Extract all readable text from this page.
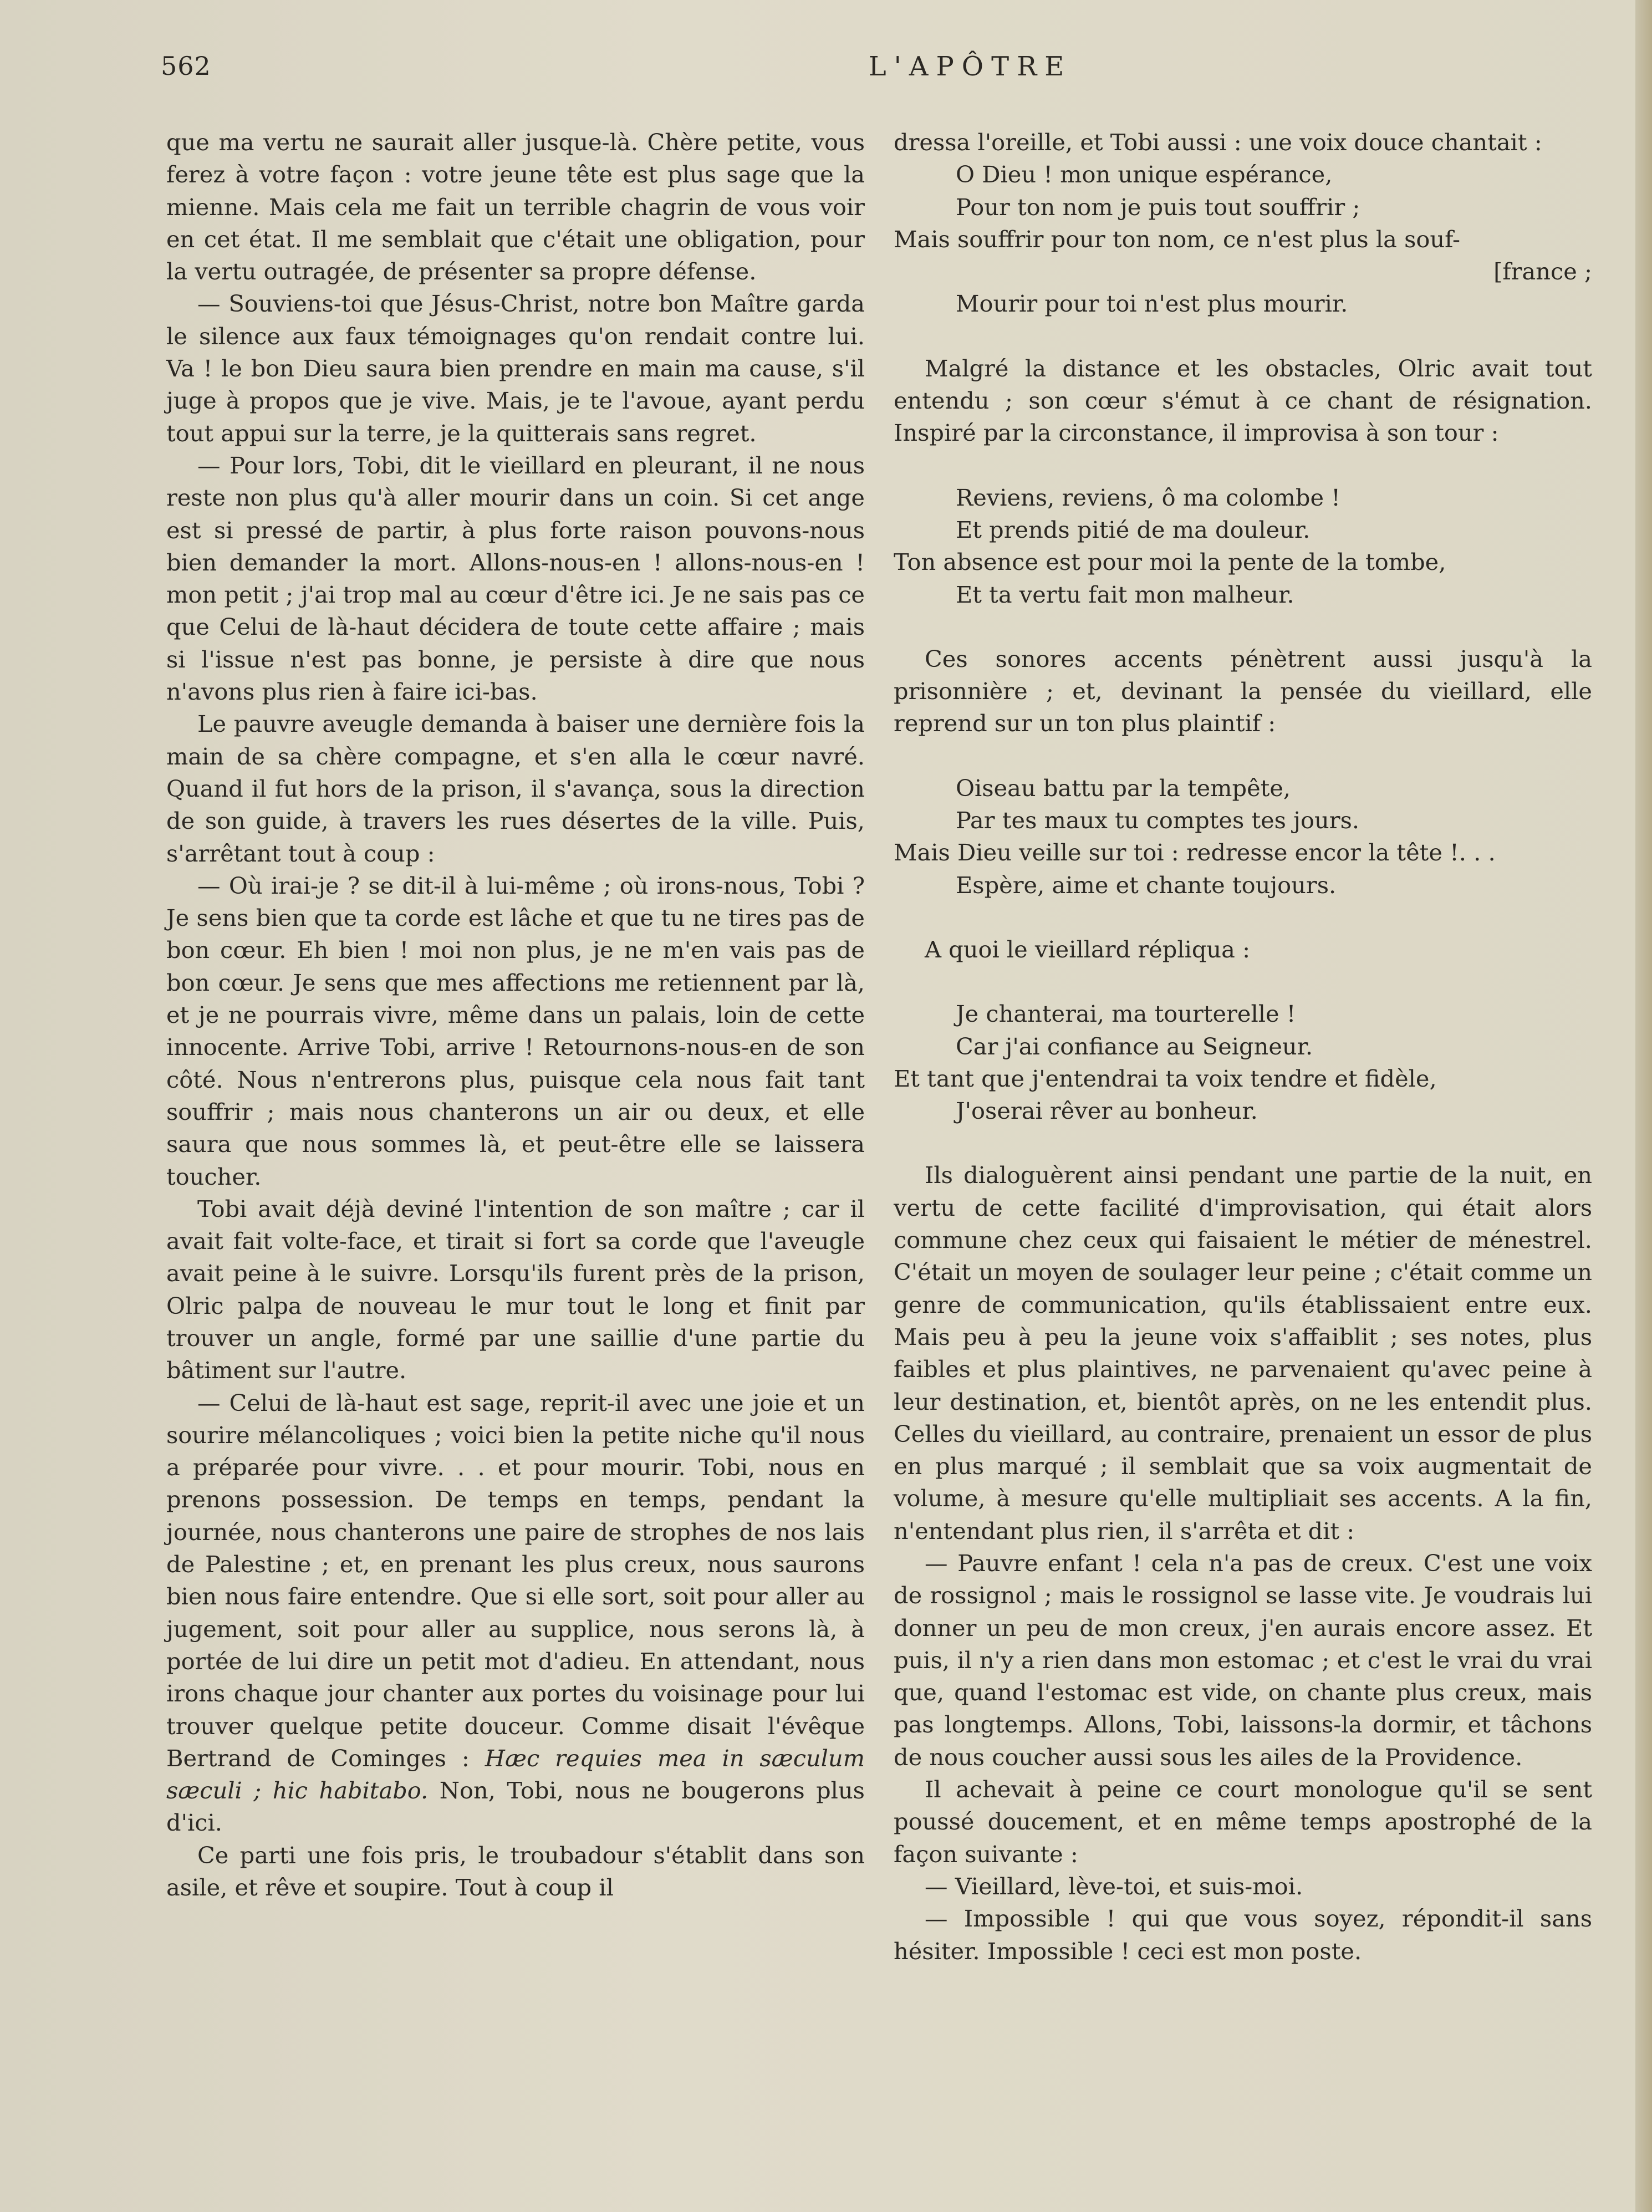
562	L'APÔTRE

que ma vertu ne saurait aller jusque-là. Chère petite, vous ferez à votre façon : votre jeune tête est plus sage que la mienne. Mais cela me fait un terrible chagrin de vous voir en cet état. Il me semblait que c'était une obligation, pour la vertu outragée, de présenter sa propre défense.

— Souviens-toi que Jésus-Christ, notre bon Maître garda le silence aux faux témoignages qu'on rendait contre lui. Va ! le bon Dieu saura bien prendre en main ma cause, s'il juge à propos que je vive. Mais, je te l'avoue, ayant perdu tout appui sur la terre, je la quitterais sans regret.

— Pour lors, Tobi, dit le vieillard en pleurant, il ne nous reste non plus qu'à aller mourir dans un coin. Si cet ange est si pressé de partir, à plus forte raison pouvons-nous bien demander la mort. Allons-nous-en ! allons-nous-en ! mon petit ; j'ai trop mal au cœur d'être ici. Je ne sais pas ce que Celui de là-haut décidera de toute cette affaire ; mais si l'issue n'est pas bonne, je persiste à dire que nous n'avons plus rien à faire ici-bas.

Le pauvre aveugle demanda à baiser une dernière fois la main de sa chère compagne, et s'en alla le cœur navré. Quand il fut hors de la prison, il s'avança, sous la direction de son guide, à travers les rues désertes de la ville. Puis, s'arrêtant tout à coup :

— Où irai-je ? se dit-il à lui-même ; où irons-nous, Tobi ? Je sens bien que ta corde est lâche et que tu ne tires pas de bon cœur. Eh bien ! moi non plus, je ne m'en vais pas de bon cœur. Je sens que mes affections me retiennent par là, et je ne pourrais vivre, même dans un palais, loin de cette innocente. Arrive Tobi, arrive ! Retournons-nous-en de son côté. Nous n'entrerons plus, puisque cela nous fait tant souffrir ; mais nous chanterons un air ou deux, et elle saura que nous sommes là, et peut-être elle se laissera toucher.

Tobi avait déjà deviné l'intention de son maître ; car il avait fait volte-face, et tirait si fort sa corde que l'aveugle avait peine à le suivre. Lorsqu'ils furent près de la prison, Olric palpa de nouveau le mur tout le long et finit par trouver un angle, formé par une saillie d'une partie du bâtiment sur l'autre.

— Celui de là-haut est sage, reprit-il avec une joie et un sourire mélancoliques ; voici bien la petite niche qu'il nous a préparée pour vivre. . . et pour mourir. Tobi, nous en prenons possession. De temps en temps, pendant la journée, nous chanterons une paire de strophes de nos lais de Palestine ; et, en prenant les plus creux, nous saurons bien nous faire entendre. Que si elle sort, soit pour aller au jugement, soit pour aller au supplice, nous serons là, à portée de lui dire un petit mot d'adieu. En attendant, nous irons chaque jour chanter aux portes du voisinage pour lui trouver quelque petite douceur. Comme disait l'évêque Bertrand de Cominges : Hæc requies mea in sæculum sæculi ; hic habitabo. Non, Tobi, nous ne bougerons plus d'ici.

Ce parti une fois pris, le troubadour s'établit dans son asile, et rêve et soupire. Tout à coup il

dressa l'oreille, et Tobi aussi : une voix douce chantait :

O Dieu ! mon unique espérance,
Pour ton nom je puis tout souffrir ;
Mais souffrir pour ton nom, ce n'est plus la souf-
[france ;
Mourir pour toi n'est plus mourir.

Malgré la distance et les obstacles, Olric avait tout entendu ; son cœur s'émut à ce chant de résignation. Inspiré par la circonstance, il improvisa à son tour :

Reviens, reviens, ô ma colombe !
Et prends pitié de ma douleur.
Ton absence est pour moi la pente de la tombe,
Et ta vertu fait mon malheur.

Ces sonores accents pénètrent aussi jusqu'à la prisonnière ; et, devinant la pensée du vieillard, elle reprend sur un ton plus plaintif :

Oiseau battu par la tempête,
Par tes maux tu comptes tes jours.
Mais Dieu veille sur toi : redresse encor la tête !. . .
Espère, aime et chante toujours.

A quoi le vieillard répliqua :

Je chanterai, ma tourterelle !
Car j'ai confiance au Seigneur.
Et tant que j'entendrai ta voix tendre et fidèle,
J'oserai rêver au bonheur.

Ils dialoguèrent ainsi pendant une partie de la nuit, en vertu de cette facilité d'improvisation, qui était alors commune chez ceux qui faisaient le métier de ménestrel. C'était un moyen de soulager leur peine ; c'était comme un genre de communication, qu'ils établissaient entre eux. Mais peu à peu la jeune voix s'affaiblit ; ses notes, plus faibles et plus plaintives, ne parvenaient qu'avec peine à leur destination, et, bientôt après, on ne les entendit plus. Celles du vieillard, au contraire, prenaient un essor de plus en plus marqué ; il semblait que sa voix augmentait de volume, à mesure qu'elle multipliait ses accents. A la fin, n'entendant plus rien, il s'arrêta et dit :

— Pauvre enfant ! cela n'a pas de creux. C'est une voix de rossignol ; mais le rossignol se lasse vite. Je voudrais lui donner un peu de mon creux, j'en aurais encore assez. Et puis, il n'y a rien dans mon estomac ; et c'est le vrai du vrai que, quand l'estomac est vide, on chante plus creux, mais pas longtemps. Allons, Tobi, laissons-la dormir, et tâchons de nous coucher aussi sous les ailes de la Providence.

Il achevait à peine ce court monologue qu'il se sent poussé doucement, et en même temps apostrophé de la façon suivante :

— Vieillard, lève-toi, et suis-moi.

— Impossible ! qui que vous soyez, répondit-il sans hésiter. Impossible ! ceci est mon poste.
